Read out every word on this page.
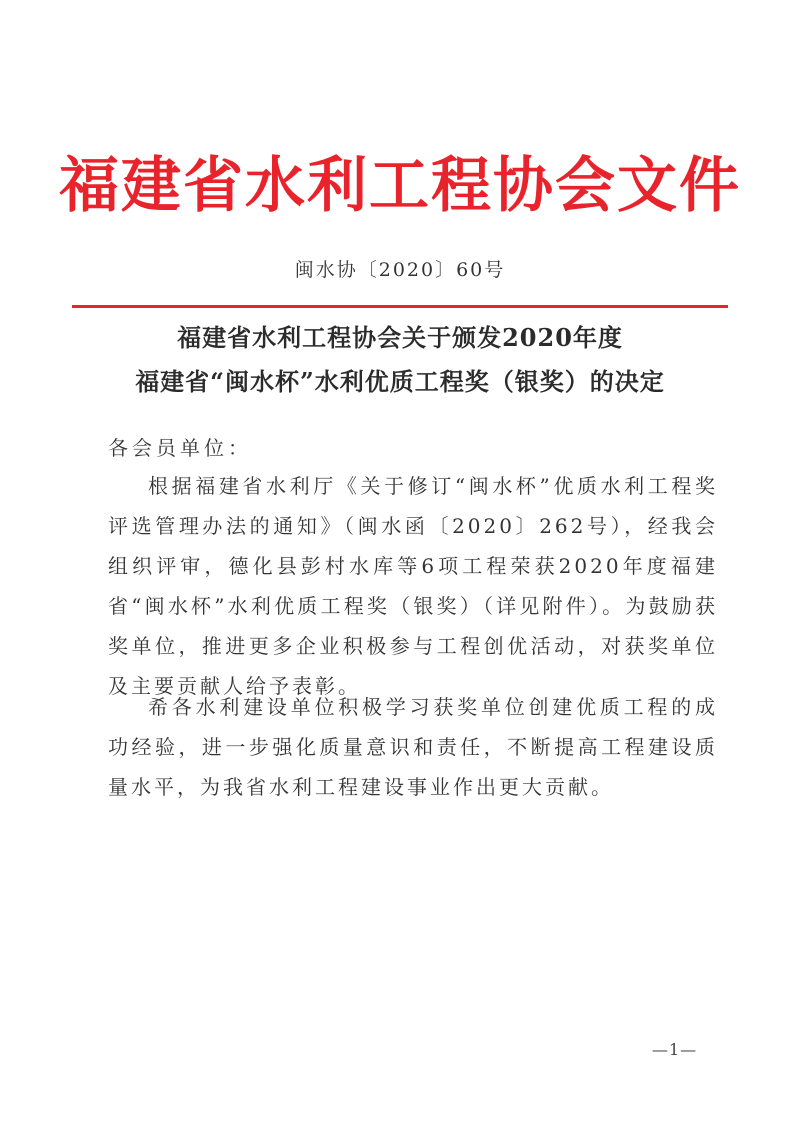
福建省水利工程协会文件
闽水协〔2020〕60号
福建省水利工程协会关于颁发2020年度
福建省“闽水杯”水利优质工程奖（银奖）的决定
各会员单位：

根据福建省水利厅《关于修订“闽水杯”优质水利工程奖评选管理办法的通知》（闽水函〔2020〕262号），经我会组织评审，德化县彭村水库等6项工程荣获2020年度福建省“闽水杯”水利优质工程奖（银奖）（详见附件）。为鼓励获奖单位，推进更多企业积极参与工程创优活动，对获奖单位及主要贡献人给予表彰。

希各水利建设单位积极学习获奖单位创建优质工程的成功经验，进一步强化质量意识和责任，不断提高工程建设质量水平，为我省水利工程建设事业作出更大贡献。

—1—
